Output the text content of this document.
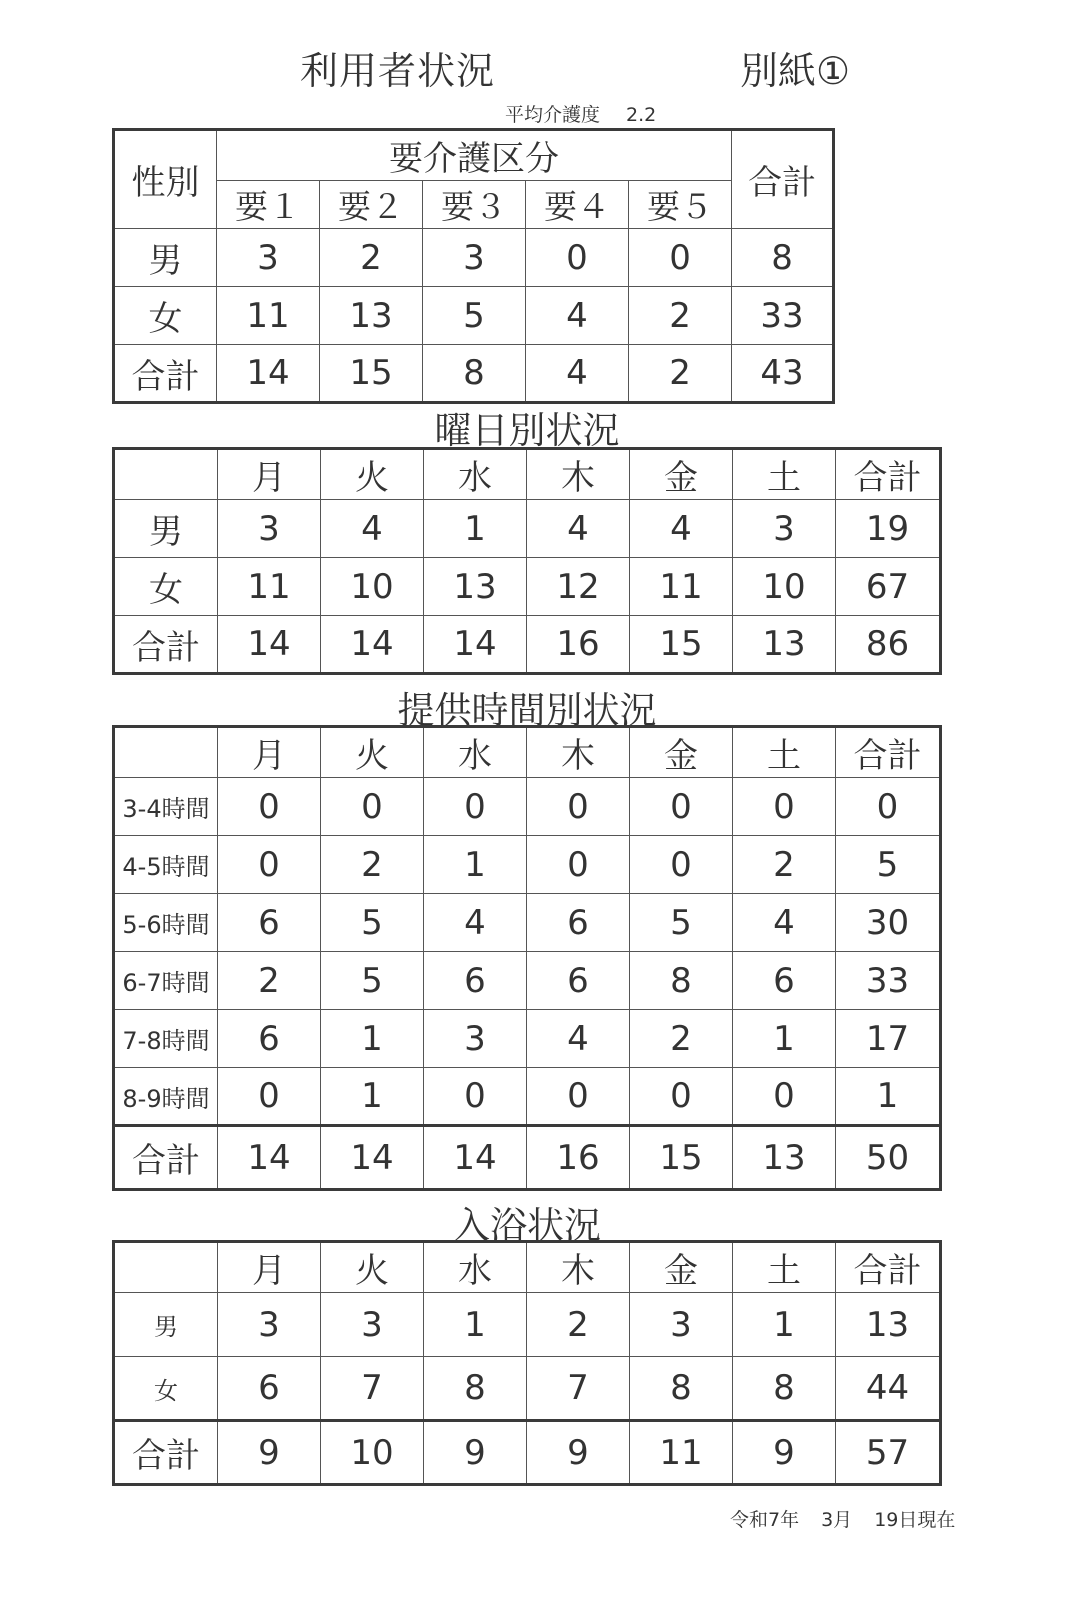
利用者状況	別紙①
平均介護度 2.2
性別	要介護区分					合計
	要１	要２	要３	要４	要５	
男	3	2	3	0	0	8
女	11	13	5	4	2	33
合計	14	15	8	4	2	43
曜日別状況
	月	火	水	木	金	土	合計
男	3	4	1	4	4	3	19
女	11	10	13	12	11	10	67
合計	14	14	14	16	15	13	86
提供時間別状況
	月	火	水	木	金	土	合計
3-4時間	0	0	0	0	0	0	0
4-5時間	0	2	1	0	0	2	5
5-6時間	6	5	4	6	5	4	30
6-7時間	2	5	6	6	8	6	33
7-8時間	6	1	3	4	2	1	17
8-9時間	0	1	0	0	0	0	1
合計	14	14	14	16	15	13	50
入浴状況
	月	火	水	木	金	土	合計
男	3	3	1	2	3	1	13
女	6	7	8	7	8	8	44
合計	9	10	9	9	11	9	57
令和7年 3月 19日現在
